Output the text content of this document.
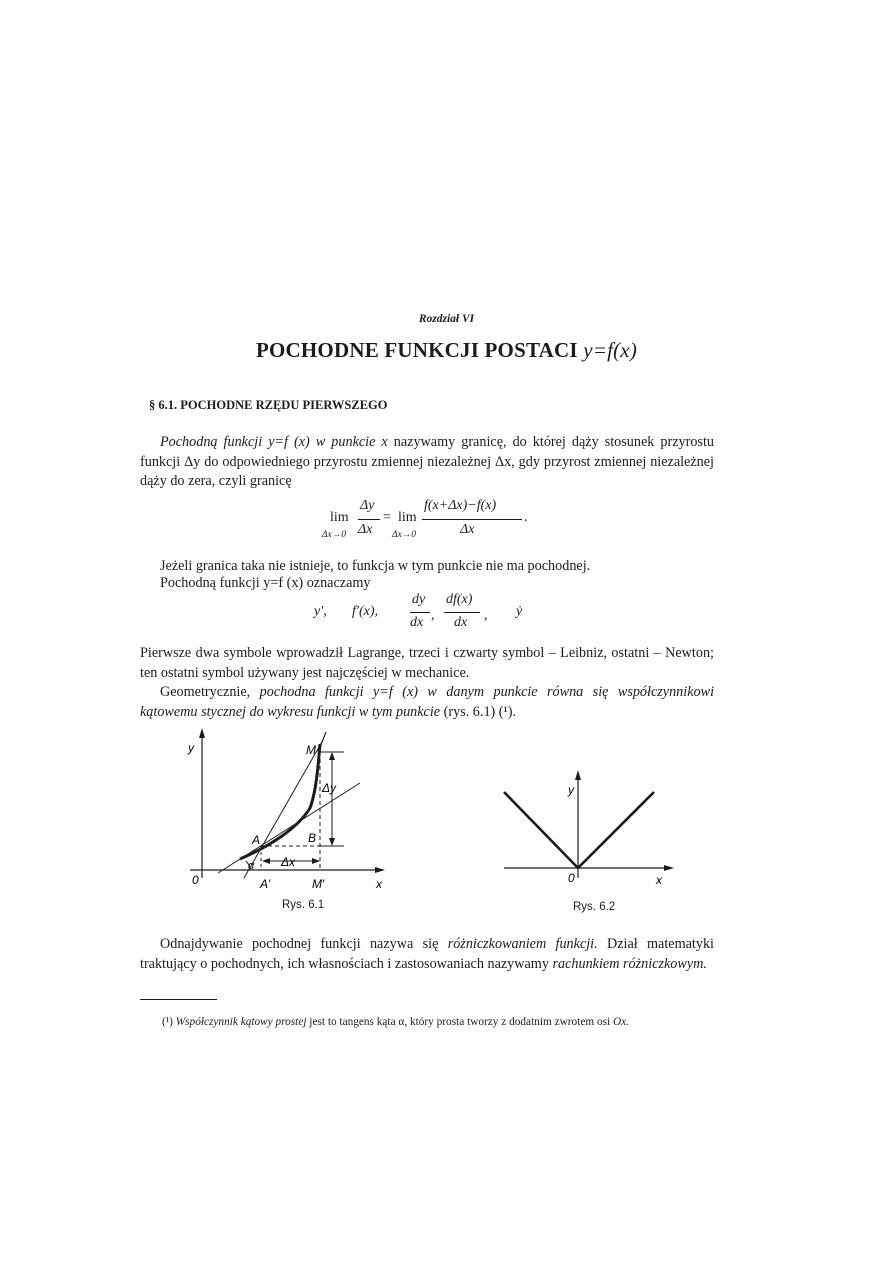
Rozdział VI
POCHODNE FUNKCJI POSTACI y=f(x)
§ 6.1. POCHODNE RZĘDU PIERWSZEGO
Pochodną funkcji y=f (x) w punkcie x nazywamy granicę, do której dąży stosunek przyrostu funkcji Δy do odpowiedniego przyrostu zmiennej niezależnej Δx, gdy przyrost zmiennej niezależnej dąży do zera, czyli granicę
lim
Δx→0
Δy
Δx
= lim
Δx→0
f(x+Δx)−f(x)
Δx
.
Jeżeli granica taka nie istnieje, to funkcja w tym punkcie nie ma pochodnej.
Pochodną funkcji y=f (x) oznaczamy
y′, f′(x),
dy
dx ,
df(x)
dx , ẏ
Pierwsze dwa symbole wprowadził Lagrange, trzeci i czwarty symbol – Leibniz, ostatni – Newton; ten ostatni symbol używany jest najczęściej w mechanice.
Geometrycznie, pochodna funkcji y=f (x) w danym punkcie równa się współczynnikowi kątowemu stycznej do wykresu funkcji w tym punkcie (rys. 6.1) (¹).
y
x
0
M
A	B
A′	M′
α
Δy
Δx
Rys. 6.1
y
x
0
Rys. 6.2
Odnajdywanie pochodnej funkcji nazywa się różniczkowaniem funkcji. Dział matematyki traktujący o pochodnych, ich własnościach i zastosowaniach nazywamy rachunkiem różniczkowym.
(¹) Współczynnik kątowy prostej jest to tangens kąta α, który prosta tworzy z dodatnim zwrotem osi Ox.
